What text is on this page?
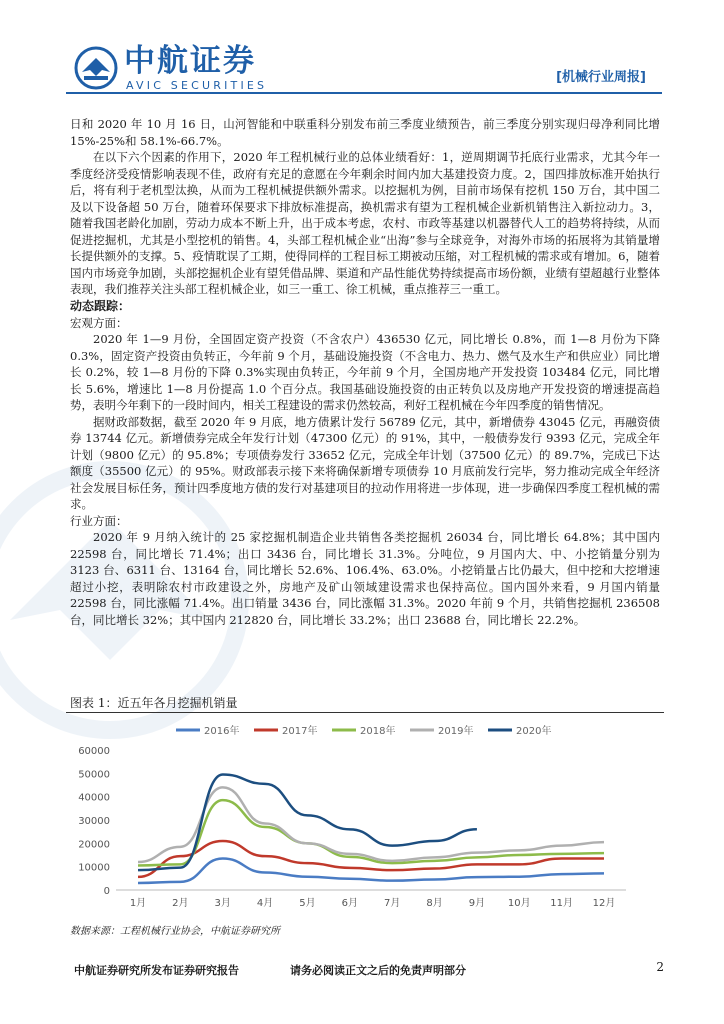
中航证券
AVIC SECURITIES
[机械行业周报]

日和 2020 年 10 月 16 日，山河智能和中联重科分别发布前三季度业绩预告，前三季度分别实现归母净利同比增 15%-25%和 58.1%-66.7%。

在以下六个因素的作用下，2020 年工程机械行业的总体业绩看好：1，逆周期调节托底行业需求，尤其今年一季度经济受疫情影响表现不佳，政府有充足的意愿在今年剩余时间内加大基建投资力度。2，国四排放标准开始执行后，将有利于老机型汰换，从而为工程机械提供额外需求。以挖掘机为例，目前市场保有挖机 150 万台，其中国二及以下设备超 50 万台，随着环保要求下排放标准提高，换机需求有望为工程机械企业新机销售注入新拉动力。3，随着我国老龄化加剧，劳动力成本不断上升，出于成本考虑，农村、市政等基建以机器替代人工的趋势将持续，从而促进挖掘机，尤其是小型挖机的销售。4，头部工程机械企业“出海”参与全球竞争，对海外市场的拓展将为其销量增长提供额外的支撑。5、疫情耽误了工期，使得同样的工程目标工期被动压缩，对工程机械的需求或有增加。6，随着国内市场竞争加剧，头部挖掘机企业有望凭借品牌、渠道和产品性能优势持续提高市场份额，业绩有望超越行业整体表现，我们推荐关注头部工程机械企业，如三一重工、徐工机械，重点推荐三一重工。

动态跟踪：

宏观方面：

2020 年 1—9 月份，全国固定资产投资（不含农户）436530 亿元，同比增长 0.8%，而 1—8 月份为下降 0.3%，固定资产投资由负转正，今年前 9 个月，基础设施投资（不含电力、热力、燃气及水生产和供应业）同比增长 0.2%，较 1—8 月份的下降 0.3%实现由负转正，今年前 9 个月，全国房地产开发投资 103484 亿元，同比增长 5.6%，增速比 1—8 月份提高 1.0 个百分点。我国基础设施投资的由正转负以及房地产开发投资的增速提高趋势，表明今年剩下的一段时间内，相关工程建设的需求仍然较高，利好工程机械在今年四季度的销售情况。

据财政部数据，截至 2020 年 9 月底，地方债累计发行 56789 亿元，其中，新增债券 43045 亿元，再融资债券 13744 亿元。新增债券完成全年发行计划（47300 亿元）的 91%，其中，一般债券发行 9393 亿元，完成全年计划（9800 亿元）的 95.8%；专项债券发行 33652 亿元，完成全年计划（37500 亿元）的 89.7%，完成已下达额度（35500 亿元）的 95%。财政部表示接下来将确保新增专项债券 10 月底前发行完毕，努力推动完成全年经济社会发展目标任务，预计四季度地方债的发行对基建项目的拉动作用将进一步体现，进一步确保四季度工程机械的需求。

行业方面：

2020 年 9 月纳入统计的 25 家挖掘机制造企业共销售各类挖掘机 26034 台，同比增长 64.8%；其中国内 22598 台，同比增长 71.4%；出口 3436 台，同比增长 31.3%。分吨位，9 月国内大、中、小挖销量分别为 3123 台、6311 台、13164 台，同比增长 52.6%、106.4%、63.0%。小挖销量占比仍最大，但中挖和大挖增速超过小挖，表明除农村市政建设之外，房地产及矿山领域建设需求也保持高位。国内国外来看，9 月国内销量 22598 台，同比涨幅 71.4%。出口销量 3436 台，同比涨幅 31.3%。2020 年前 9 个月，共销售挖掘机 236508 台，同比增长 32%；其中国内 212820 台，同比增长 33.2%；出口 23688 台，同比增长 22.2%。

图表 1：近五年各月挖掘机销量
0
10000
20000
30000
40000
50000
60000
1月	2月	3月	4月	5月	6月	7月	8月	9月 10月 11月 12月
2016年	2017年	2018年	2019年	2020年
数据来源：工程机械行业协会，中航证券研究所
中航证券研究所发布证券研究报告	请务必阅读正文之后的免责声明部分	2
